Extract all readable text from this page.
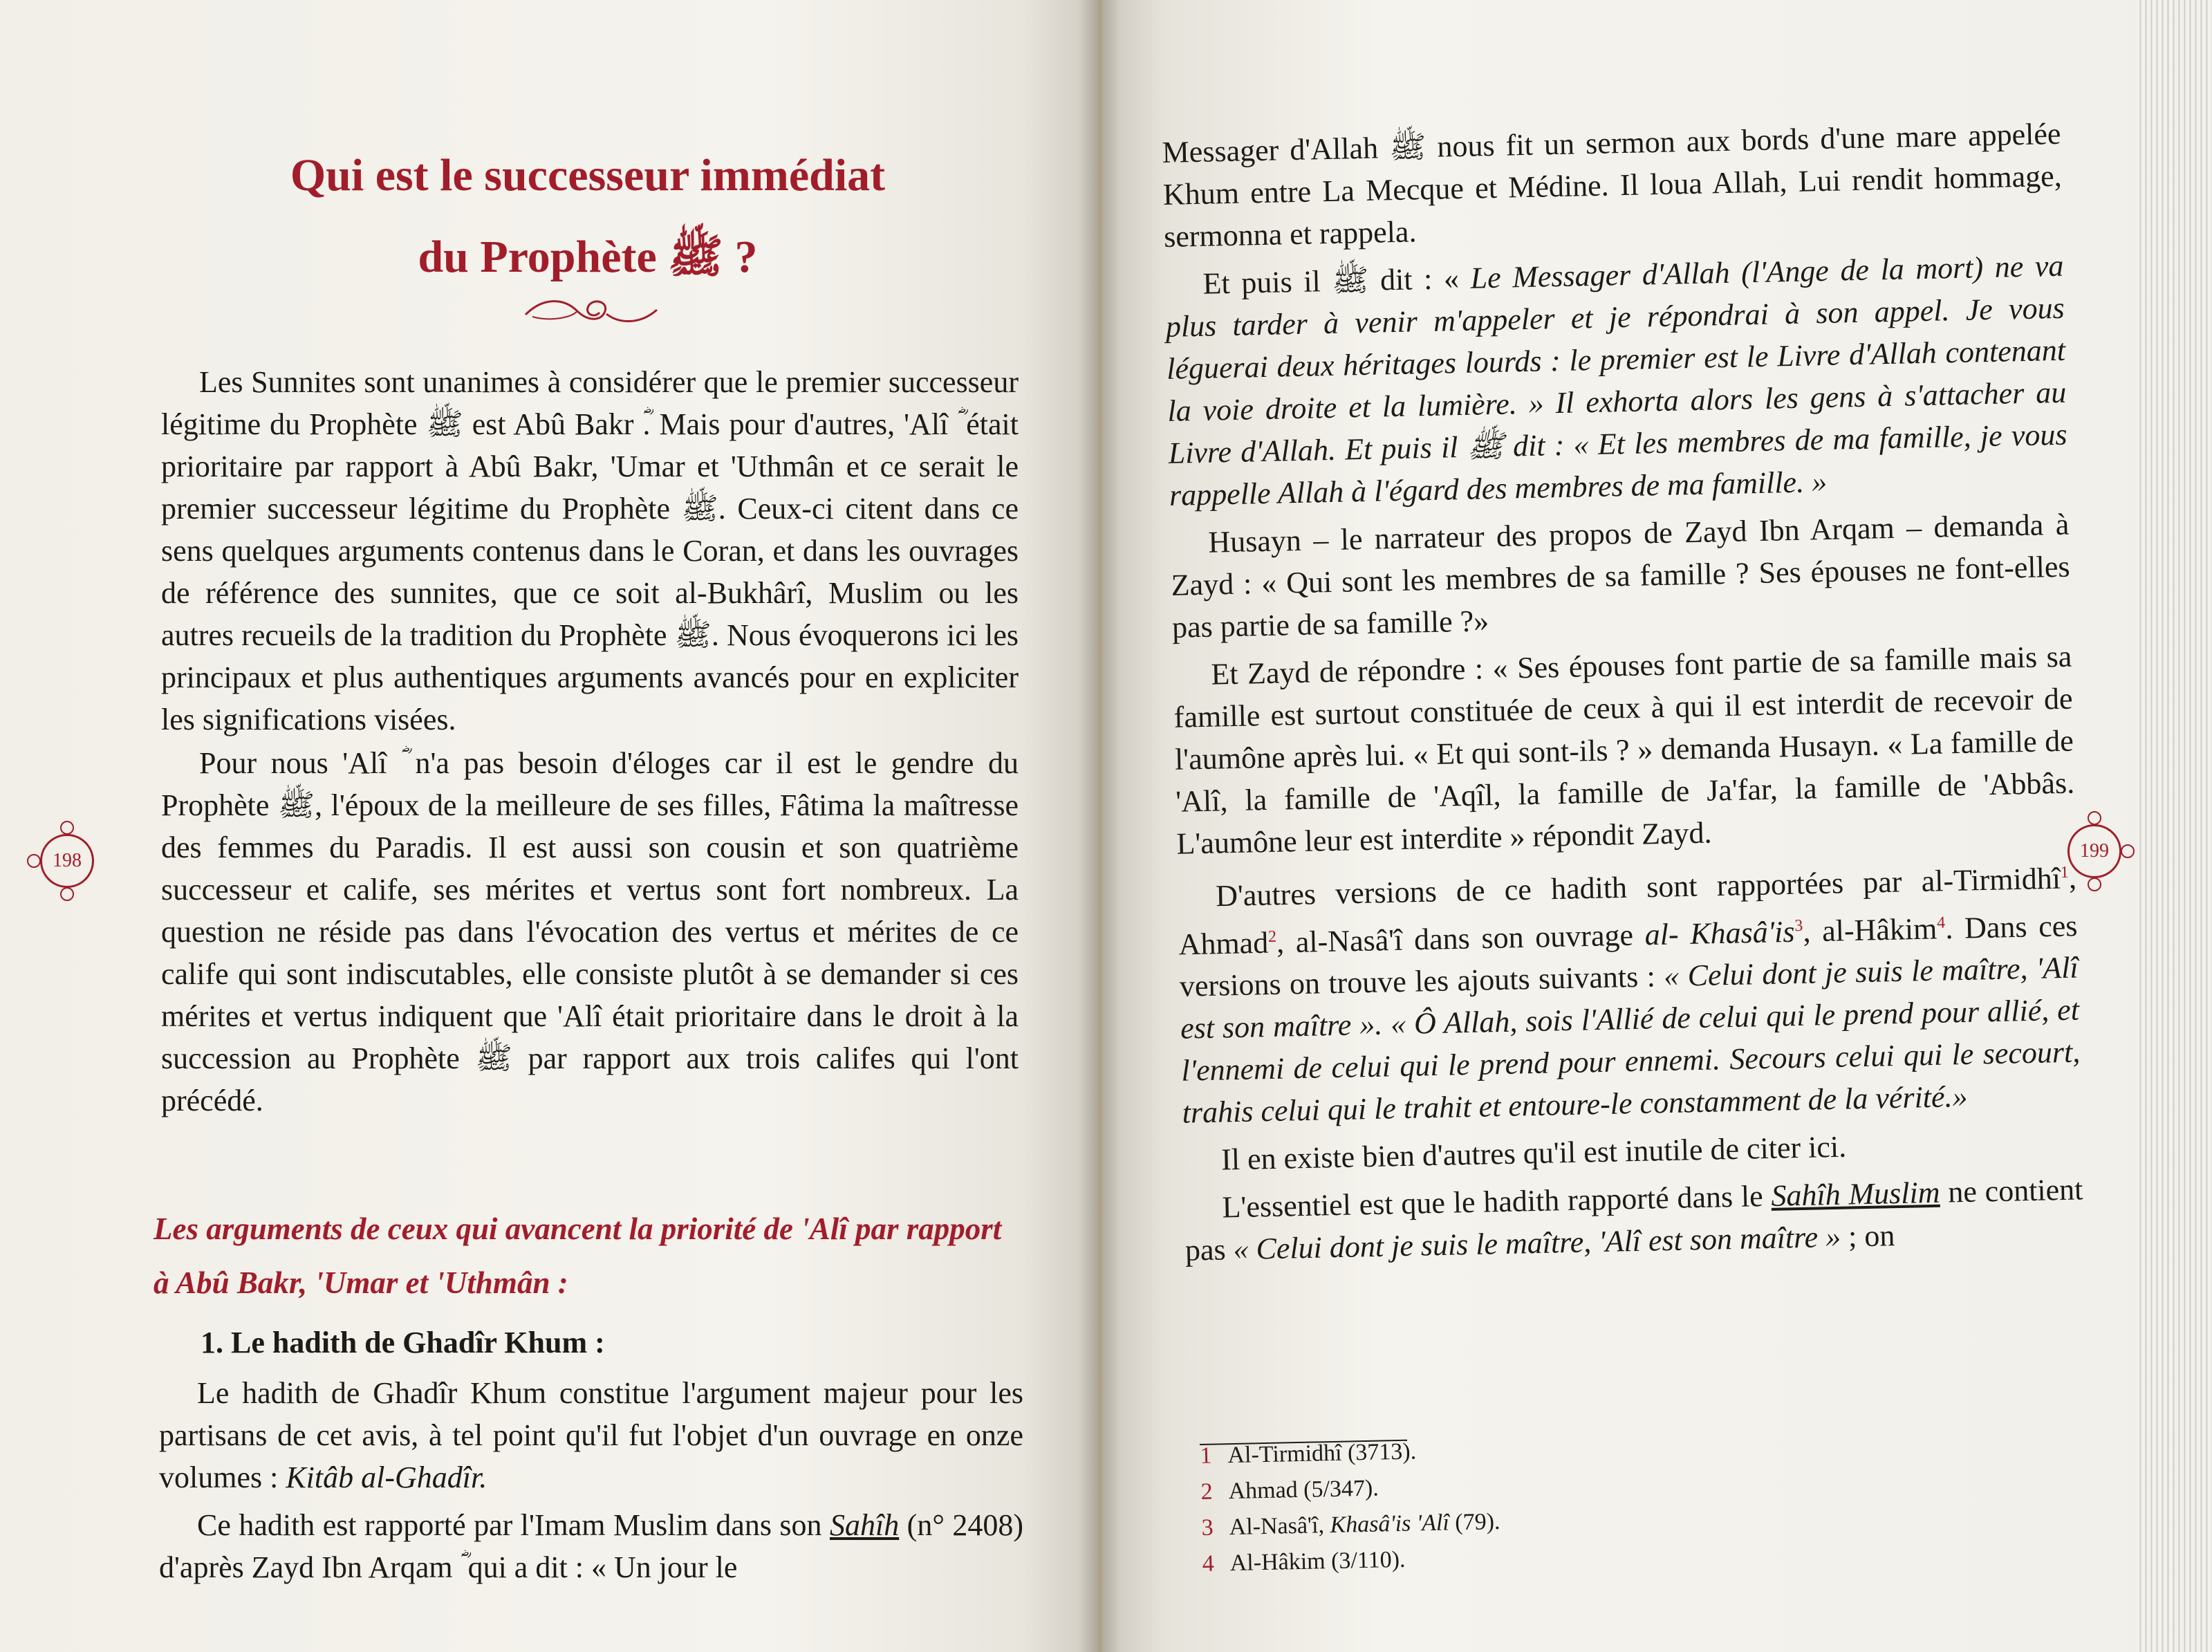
Qui est le successeur immédiat
du Prophète ﷺ ?

Les Sunnites sont unanimes à considérer que le premier successeur légitime du Prophète ﷺ est Abû Bakr ؓ. Mais pour d'autres, 'Alî ؓ était prioritaire par rapport à Abû Bakr, 'Umar et 'Uthmân et ce serait le premier successeur légitime du Prophète ﷺ. Ceux-ci citent dans ce sens quelques arguments contenus dans le Coran, et dans les ouvrages de référence des sunnites, que ce soit al-Bukhârî, Muslim ou les autres recueils de la tradition du Prophète ﷺ. Nous évoquerons ici les principaux et plus authentiques arguments avancés pour en expliciter les significations visées.

Pour nous 'Alî ؓ n'a pas besoin d'éloges car il est le gendre du Prophète ﷺ, l'époux de la meilleure de ses filles, Fâtima la maîtresse des femmes du Paradis. Il est aussi son cousin et son quatrième successeur et calife, ses mérites et vertus sont fort nombreux. La question ne réside pas dans l'évocation des vertus et mérites de ce calife qui sont indiscutables, elle consiste plutôt à se demander si ces mérites et vertus indiquent que 'Alî était prioritaire dans le droit à la succession au Prophète ﷺ par rapport aux trois califes qui l'ont précédé.

Les arguments de ceux qui avancent la priorité de 'Alî par rapport à Abû Bakr, 'Umar et 'Uthmân :
1. Le hadith de Ghadîr Khum :

Le hadith de Ghadîr Khum constitue l'argument majeur pour les partisans de cet avis, à tel point qu'il fut l'objet d'un ouvrage en onze volumes : Kitâb al-Ghadîr.

Ce hadith est rapporté par l'Imam Muslim dans son Sahîh (n° 2408) d'après Zayd Ibn Arqam ؓ qui a dit : « Un jour le

198

Messager d'Allah ﷺ nous fit un sermon aux bords d'une mare appelée Khum entre La Mecque et Médine. Il loua Allah, Lui rendit hommage, sermonna et rappela.

Et puis il ﷺ dit : « Le Messager d'Allah (l'Ange de la mort) ne va plus tarder à venir m'appeler et je répondrai à son appel. Je vous léguerai deux héritages lourds : le premier est le Livre d'Allah contenant la voie droite et la lumière. » Il exhorta alors les gens à s'attacher au Livre d'Allah. Et puis il ﷺ dit : « Et les membres de ma famille, je vous rappelle Allah à l'égard des membres de ma famille. »

Husayn – le narrateur des propos de Zayd Ibn Arqam – demanda à Zayd : « Qui sont les membres de sa famille ? Ses épouses ne font-elles pas partie de sa famille ?»

Et Zayd de répondre : « Ses épouses font partie de sa famille mais sa famille est surtout constituée de ceux à qui il est interdit de recevoir de l'aumône après lui. « Et qui sont-ils ? » demanda Husayn. « La famille de 'Alî, la famille de 'Aqîl, la famille de Ja'far, la famille de 'Abbâs. L'aumône leur est interdite » répondit Zayd.

D'autres versions de ce hadith sont rapportées par al-Tirmidhî$^1$, Ahmad$^2$, al-Nasâ'î dans son ouvrage al- $Khasâ'is^3$, al-Hâkim$^4$. Dans ces versions on trouve les ajouts suivants : « Celui dont je suis le maître, 'Alî est son maître ». « Ô Allah, sois l'Allié de celui qui le prend pour allié, et l'ennemi de celui qui le prend pour ennemi. Secours celui qui le secourt, trahis celui qui le trahit et entoure-le constamment de la vérité.»

Il en existe bien d'autres qu'il est inutile de citer ici.

L'essentiel est que le hadith rapporté dans le Sahîh Muslim ne contient pas « Celui dont je suis le maître, 'Alî est son maître » ; on

1 Al-Tirmidhî (3713).
2 Ahmad (5/347).
3 Al-Nasâ'î, Khasâ'is 'Alî (79).
4 Al-Hâkim (3/110).
199
